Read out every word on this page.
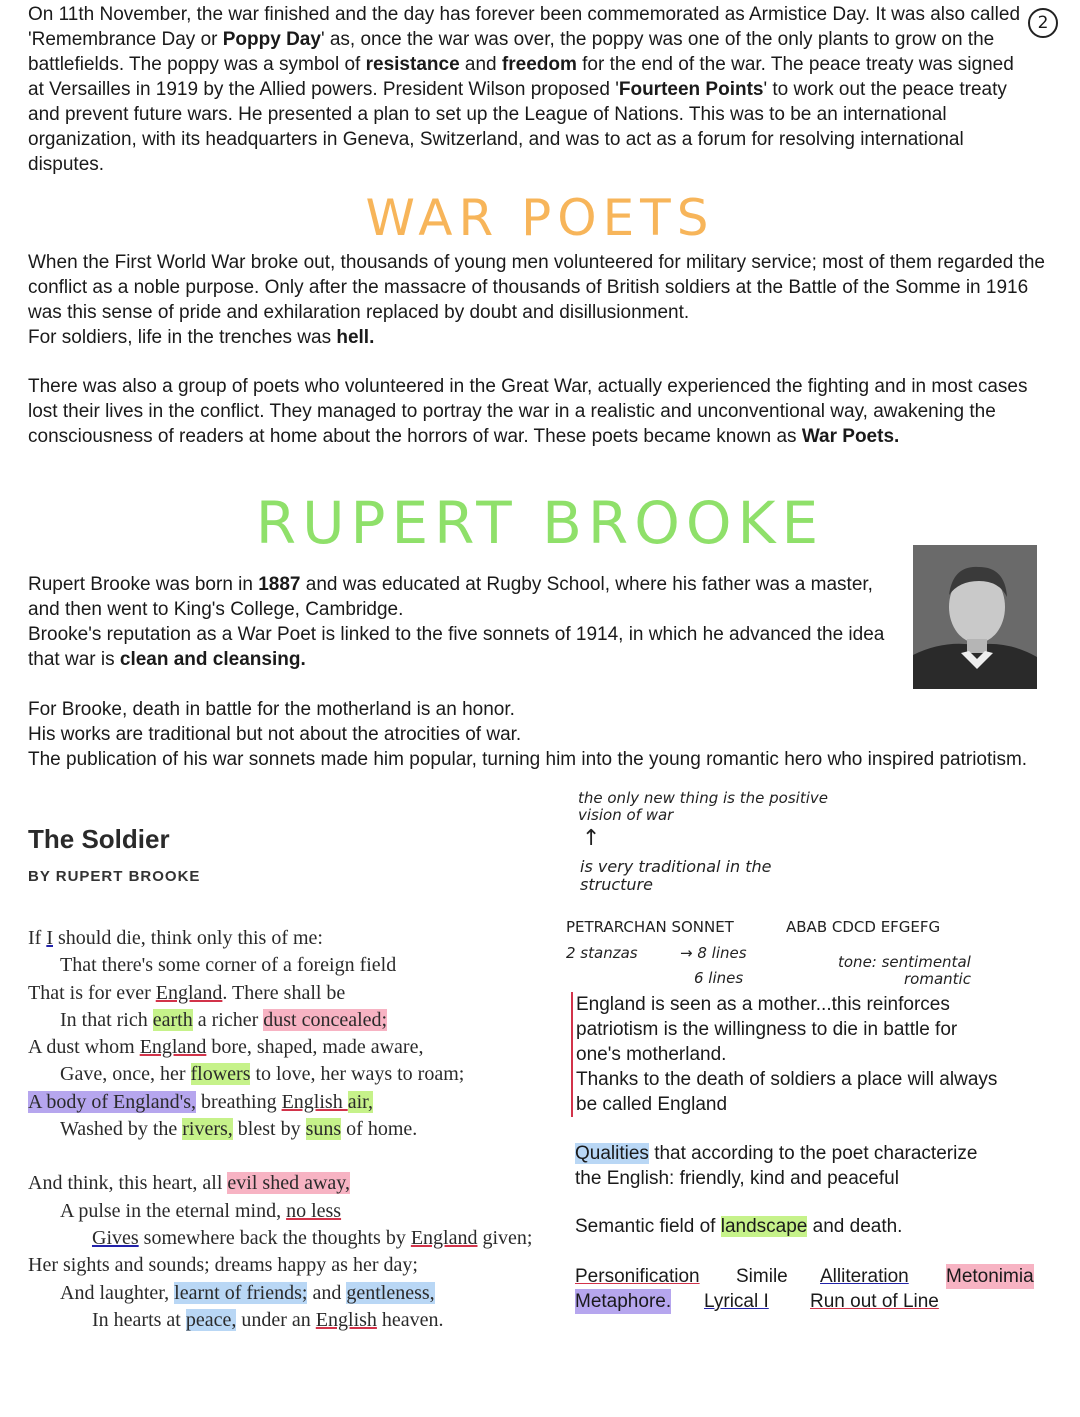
2

On 11th November, the war finished and the day has forever been commemorated as Armistice Day. It was also called 'Remembrance Day or Poppy Day' as, once the war was over, the poppy was one of the only plants to grow on the battlefields. The poppy was a symbol of resistance and freedom for the end of the war. The peace treaty was signed at Versailles in 1919 by the Allied powers. President Wilson proposed 'Fourteen Points' to work out the peace treaty and prevent future wars. He presented a plan to set up the League of Nations. This was to be an international organization, with its headquarters in Geneva, Switzerland, and was to act as a forum for resolving international disputes.

WAR POETS

When the First World War broke out, thousands of young men volunteered for military service; most of them regarded the conflict as a noble purpose. Only after the massacre of thousands of British soldiers at the Battle of the Somme in 1916 was this sense of pride and exhilaration replaced by doubt and disillusionment.

For soldiers, life in the trenches was hell.

There was also a group of poets who volunteered in the Great War, actually experienced the fighting and in most cases lost their lives in the conflict. They managed to portray the war in a realistic and unconventional way, awakening the consciousness of readers at home about the horrors of war. These poets became known as War Poets.

RUPERT BROOKE

Rupert Brooke was born in 1887 and was educated at Rugby School, where his father was a master, and then went to King's College, Cambridge.

Brooke's reputation as a War Poet is linked to the five sonnets of 1914, in which he advanced the idea that war is clean and cleansing.

For Brooke, death in battle for the motherland is an honor.

His works are traditional but not about the atrocities of war.

The publication of his war sonnets made him popular, turning him into the young romantic hero who inspired patriotism.

the only new thing is the positive
vision of war
↑
is very traditional in the
structure
The Soldier
BY RUPERT BROOKE
If I should die, think only this of me:
That there's some corner of a foreign field
That is for ever England. There shall be
In that rich earth a richer dust concealed;
A dust whom England bore, shaped, made aware,
Gave, once, her flowers to love, her ways to roam;
A body of England's, breathing English air,
Washed by the rivers, blest by suns of home.
And think, this heart, all evil shed away,
A pulse in the eternal mind, no less
Gives somewhere back the thoughts by England given;
Her sights and sounds; dreams happy as her day;
And laughter, learnt of friends; and gentleness,
In hearts at peace, under an English heaven.
PETRARCHAN SONNET	ABAB CDCD EFGEFG
2 stanzas	→ 8 lines
6 lines
tone: sentimental
romantic
England is seen as a mother...this reinforces
patriotism is the willingness to die in battle for
one's motherland.
Thanks to the death of soldiers a place will always
be called England
Qualities that according to the poet characterize
the English: friendly, kind and peaceful
Semantic field of landscape and death.
Personification Simile Alliteration Metonimia
Metaphore. Lyrical I Run out of Line
